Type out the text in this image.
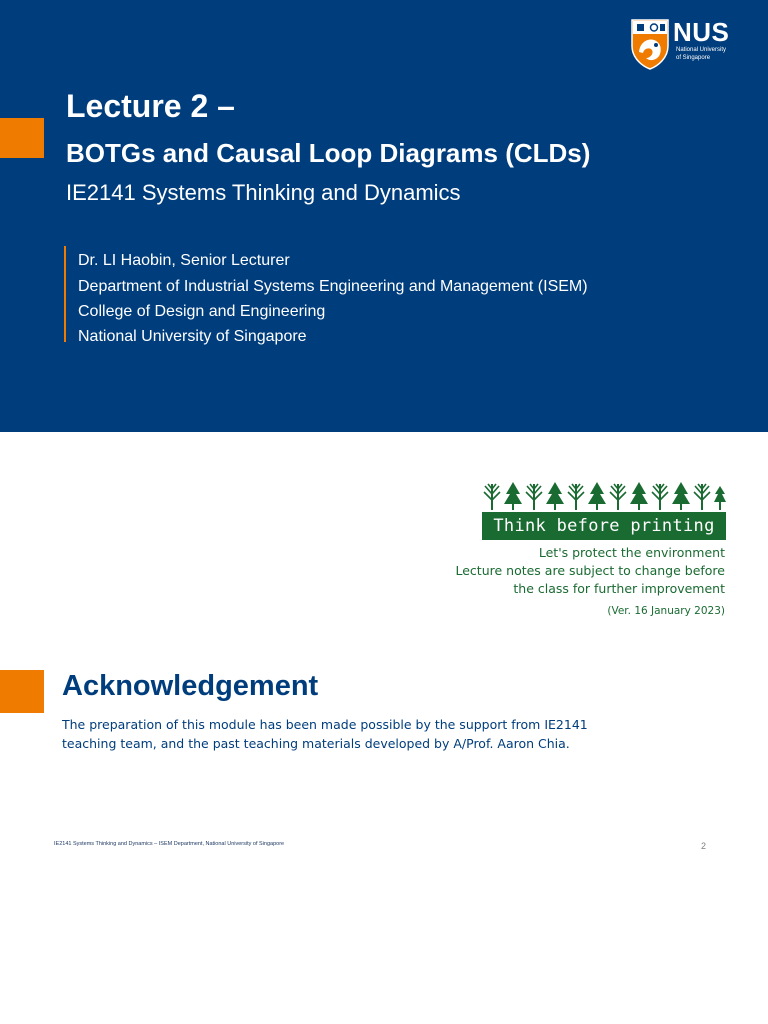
NUS
National University
of Singapore
Lecture 2 –
BOTGs and Causal Loop Diagrams (CLDs)
IE2141 Systems Thinking and Dynamics
Dr. LI Haobin, Senior Lecturer
Department of Industrial Systems Engineering and Management (ISEM)
College of Design and Engineering
National University of Singapore
Think before printing
Let's protect the environment
Lecture notes are subject to change before
the class for further improvement
(Ver. 16 January 2023)
Acknowledgement
The preparation of this module has been made possible by the support from IE2141 teaching team, and the past teaching materials developed by A/Prof. Aaron Chia.
IE2141 Systems Thinking and Dynamics – ISEM Department, National University of Singapore	2
